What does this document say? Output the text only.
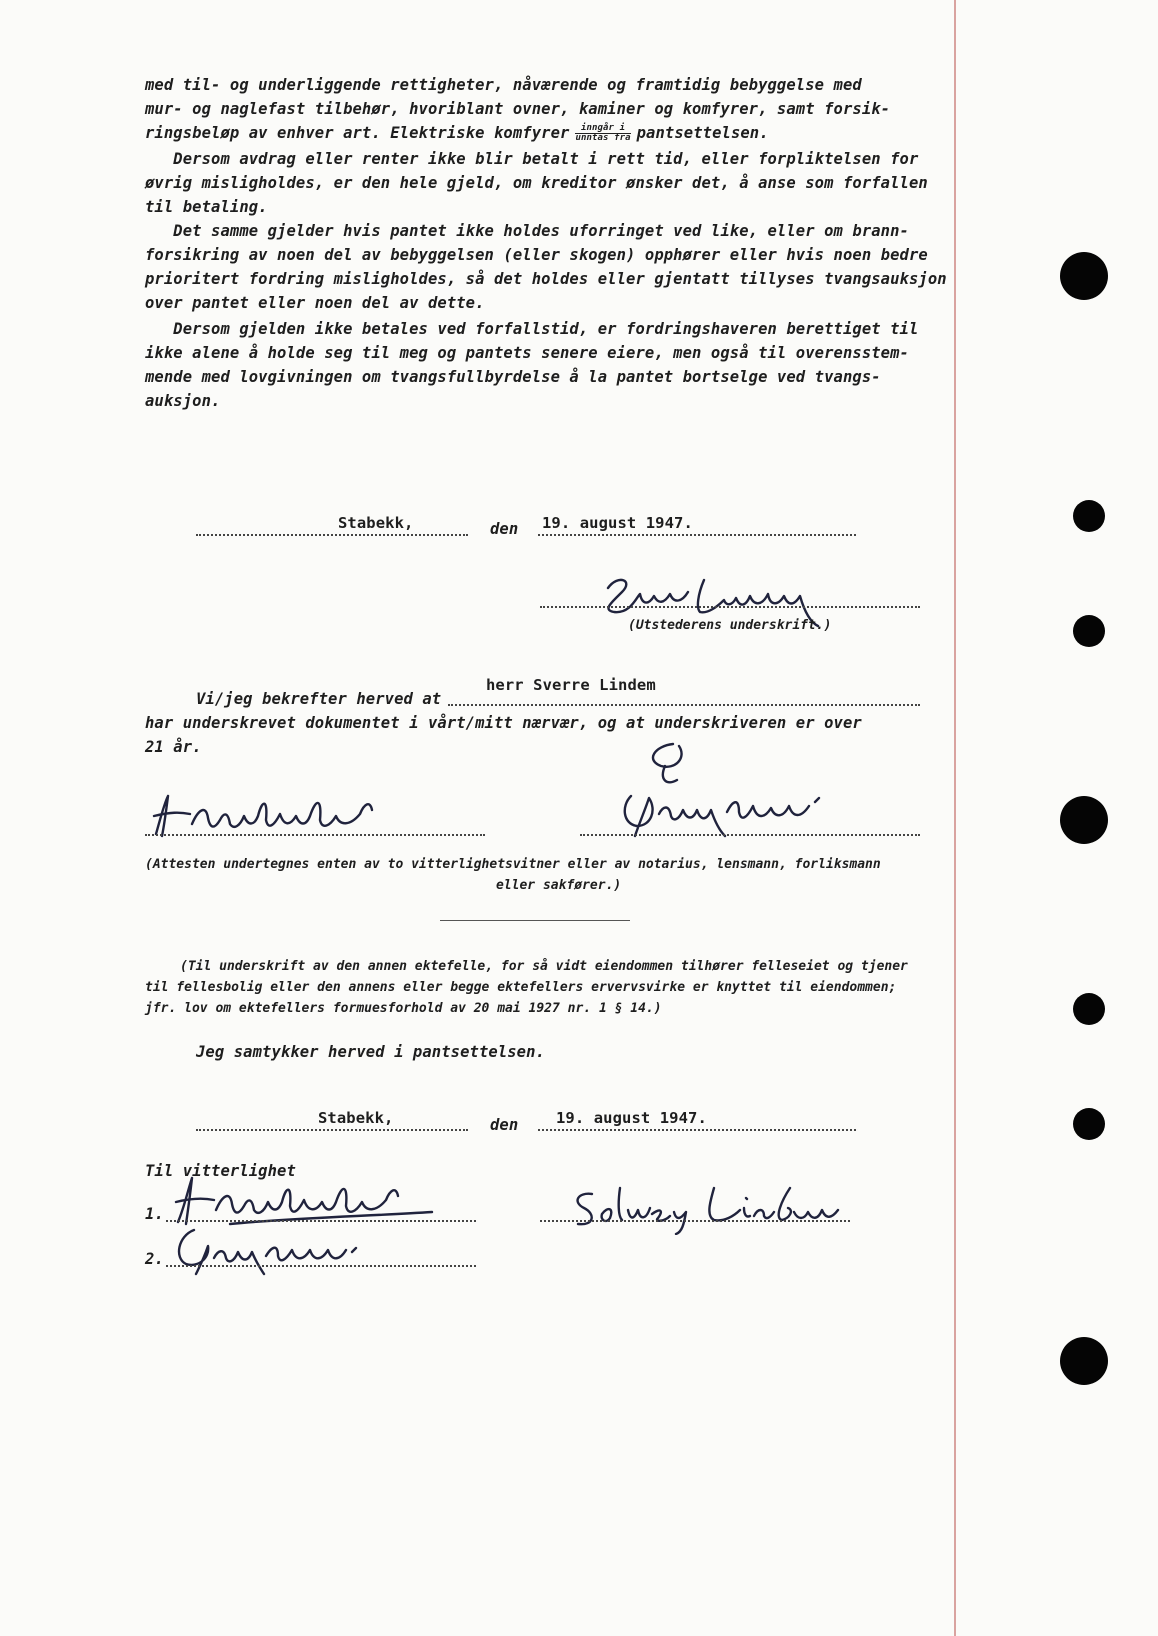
med til- og underliggende rettigheter, nåværende og framtidig bebyggelse med
mur- og naglefast tilbehør, hvoriblant ovner, kaminer og komfyrer, samt forsik-
ringsbeløp av enhver art. Elektriske komfyrer $\frac{\text{inngår i}}{\text{unntas fra}}$ pantsettelsen.
Dersom avdrag eller renter ikke blir betalt i rett tid, eller forpliktelsen for
øvrig misligholdes, er den hele gjeld, om kreditor ønsker det, å anse som forfallen
til betaling.
Det samme gjelder hvis pantet ikke holdes uforringet ved like, eller om brann-
forsikring av noen del av bebyggelsen (eller skogen) opphører eller hvis noen bedre
prioritert fordring misligholdes, så det holdes eller gjentatt tillyses tvangsauksjon
over pantet eller noen del av dette.
Dersom gjelden ikke betales ved forfallstid, er fordringshaveren berettiget til
ikke alene å holde seg til meg og pantets senere eiere, men også til overensstem-
mende med lovgivningen om tvangsfullbyrdelse å la pantet bortselge ved tvangs-
auksjon.
Stabekk,	den 19. august 1947.
(Utstederens underskrift.)
Vi/jeg bekrefter herved at
herr Sverre Lindem
har underskrevet dokumentet i vårt/mitt nærvær, og at underskriveren er over
21 år.
(Attesten undertegnes enten av to vitterlighetsvitner eller av notarius, lensmann, forliksmann
eller sakfører.)
(Til underskrift av den annen ektefelle, for så vidt eiendommen tilhører felleseiet og tjener
til fellesbolig eller den annens eller begge ektefellers ervervsvirke er knyttet til eiendommen;
jfr. lov om ektefellers formuesforhold av 20 mai 1927 nr. 1 § 14.)
Jeg samtykker herved i pantsettelsen.
Stabekk,	den 19. august 1947.
Til vitterlighet
1.
2.
